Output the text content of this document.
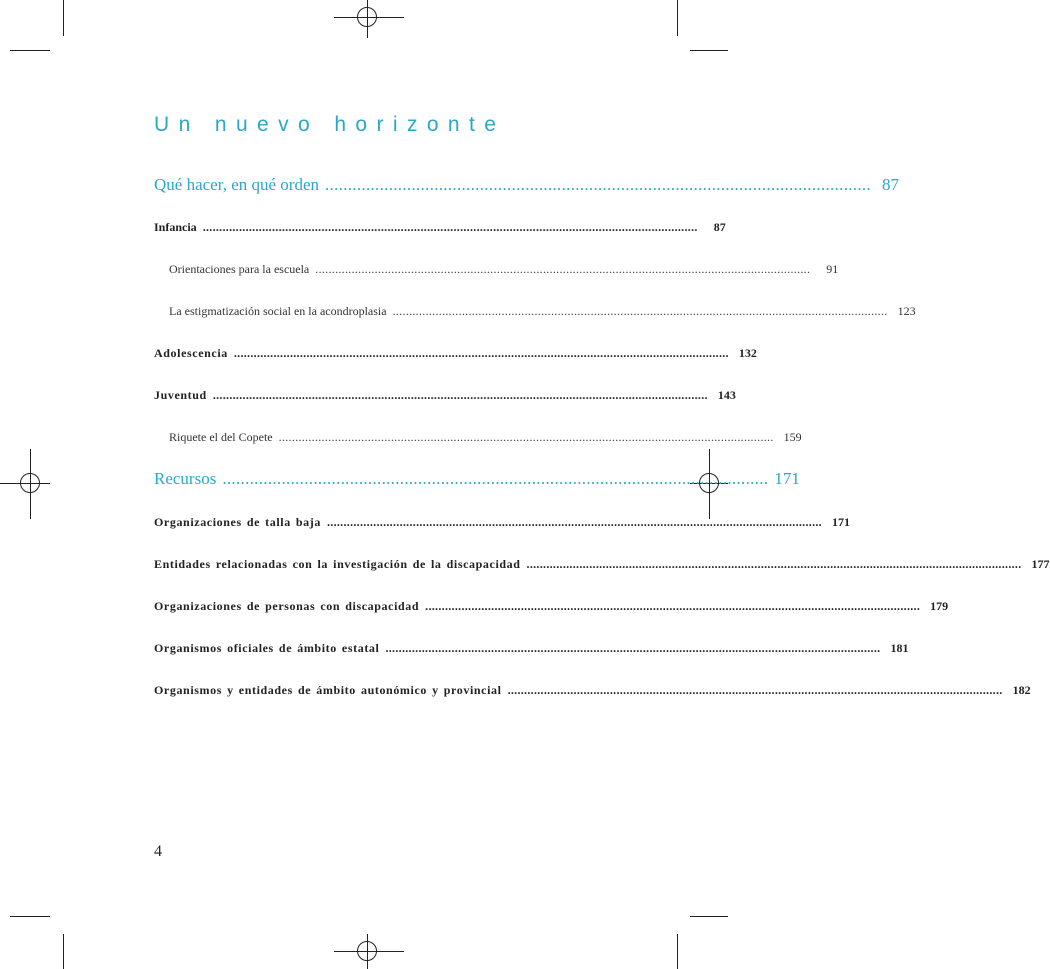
Un nuevo horizonte
Qué hacer, en qué orden ........................................................................................................................ 87
Infancia ......................................................................................................................................................	87
Orientaciones para la escuela ......................................................................................................................................................	91
La estigmatización social en la acondroplasia ...................................................................................................................................................... 123
Adolescencia ...................................................................................................................................................... 132
Juventud ...................................................................................................................................................... 143
Riquete el del Copete ...................................................................................................................................................... 159
Recursos ........................................................................................................................ 171
Organizaciones de talla baja ...................................................................................................................................................... 171
Entidades relacionadas con la investigación de la discapacidad ...................................................................................................................................................... 177
Organizaciones de personas con discapacidad ...................................................................................................................................................... 179
Organismos oficiales de ámbito estatal ...................................................................................................................................................... 181
Organismos y entidades de ámbito autonómico y provincial ...................................................................................................................................................... 182
4
